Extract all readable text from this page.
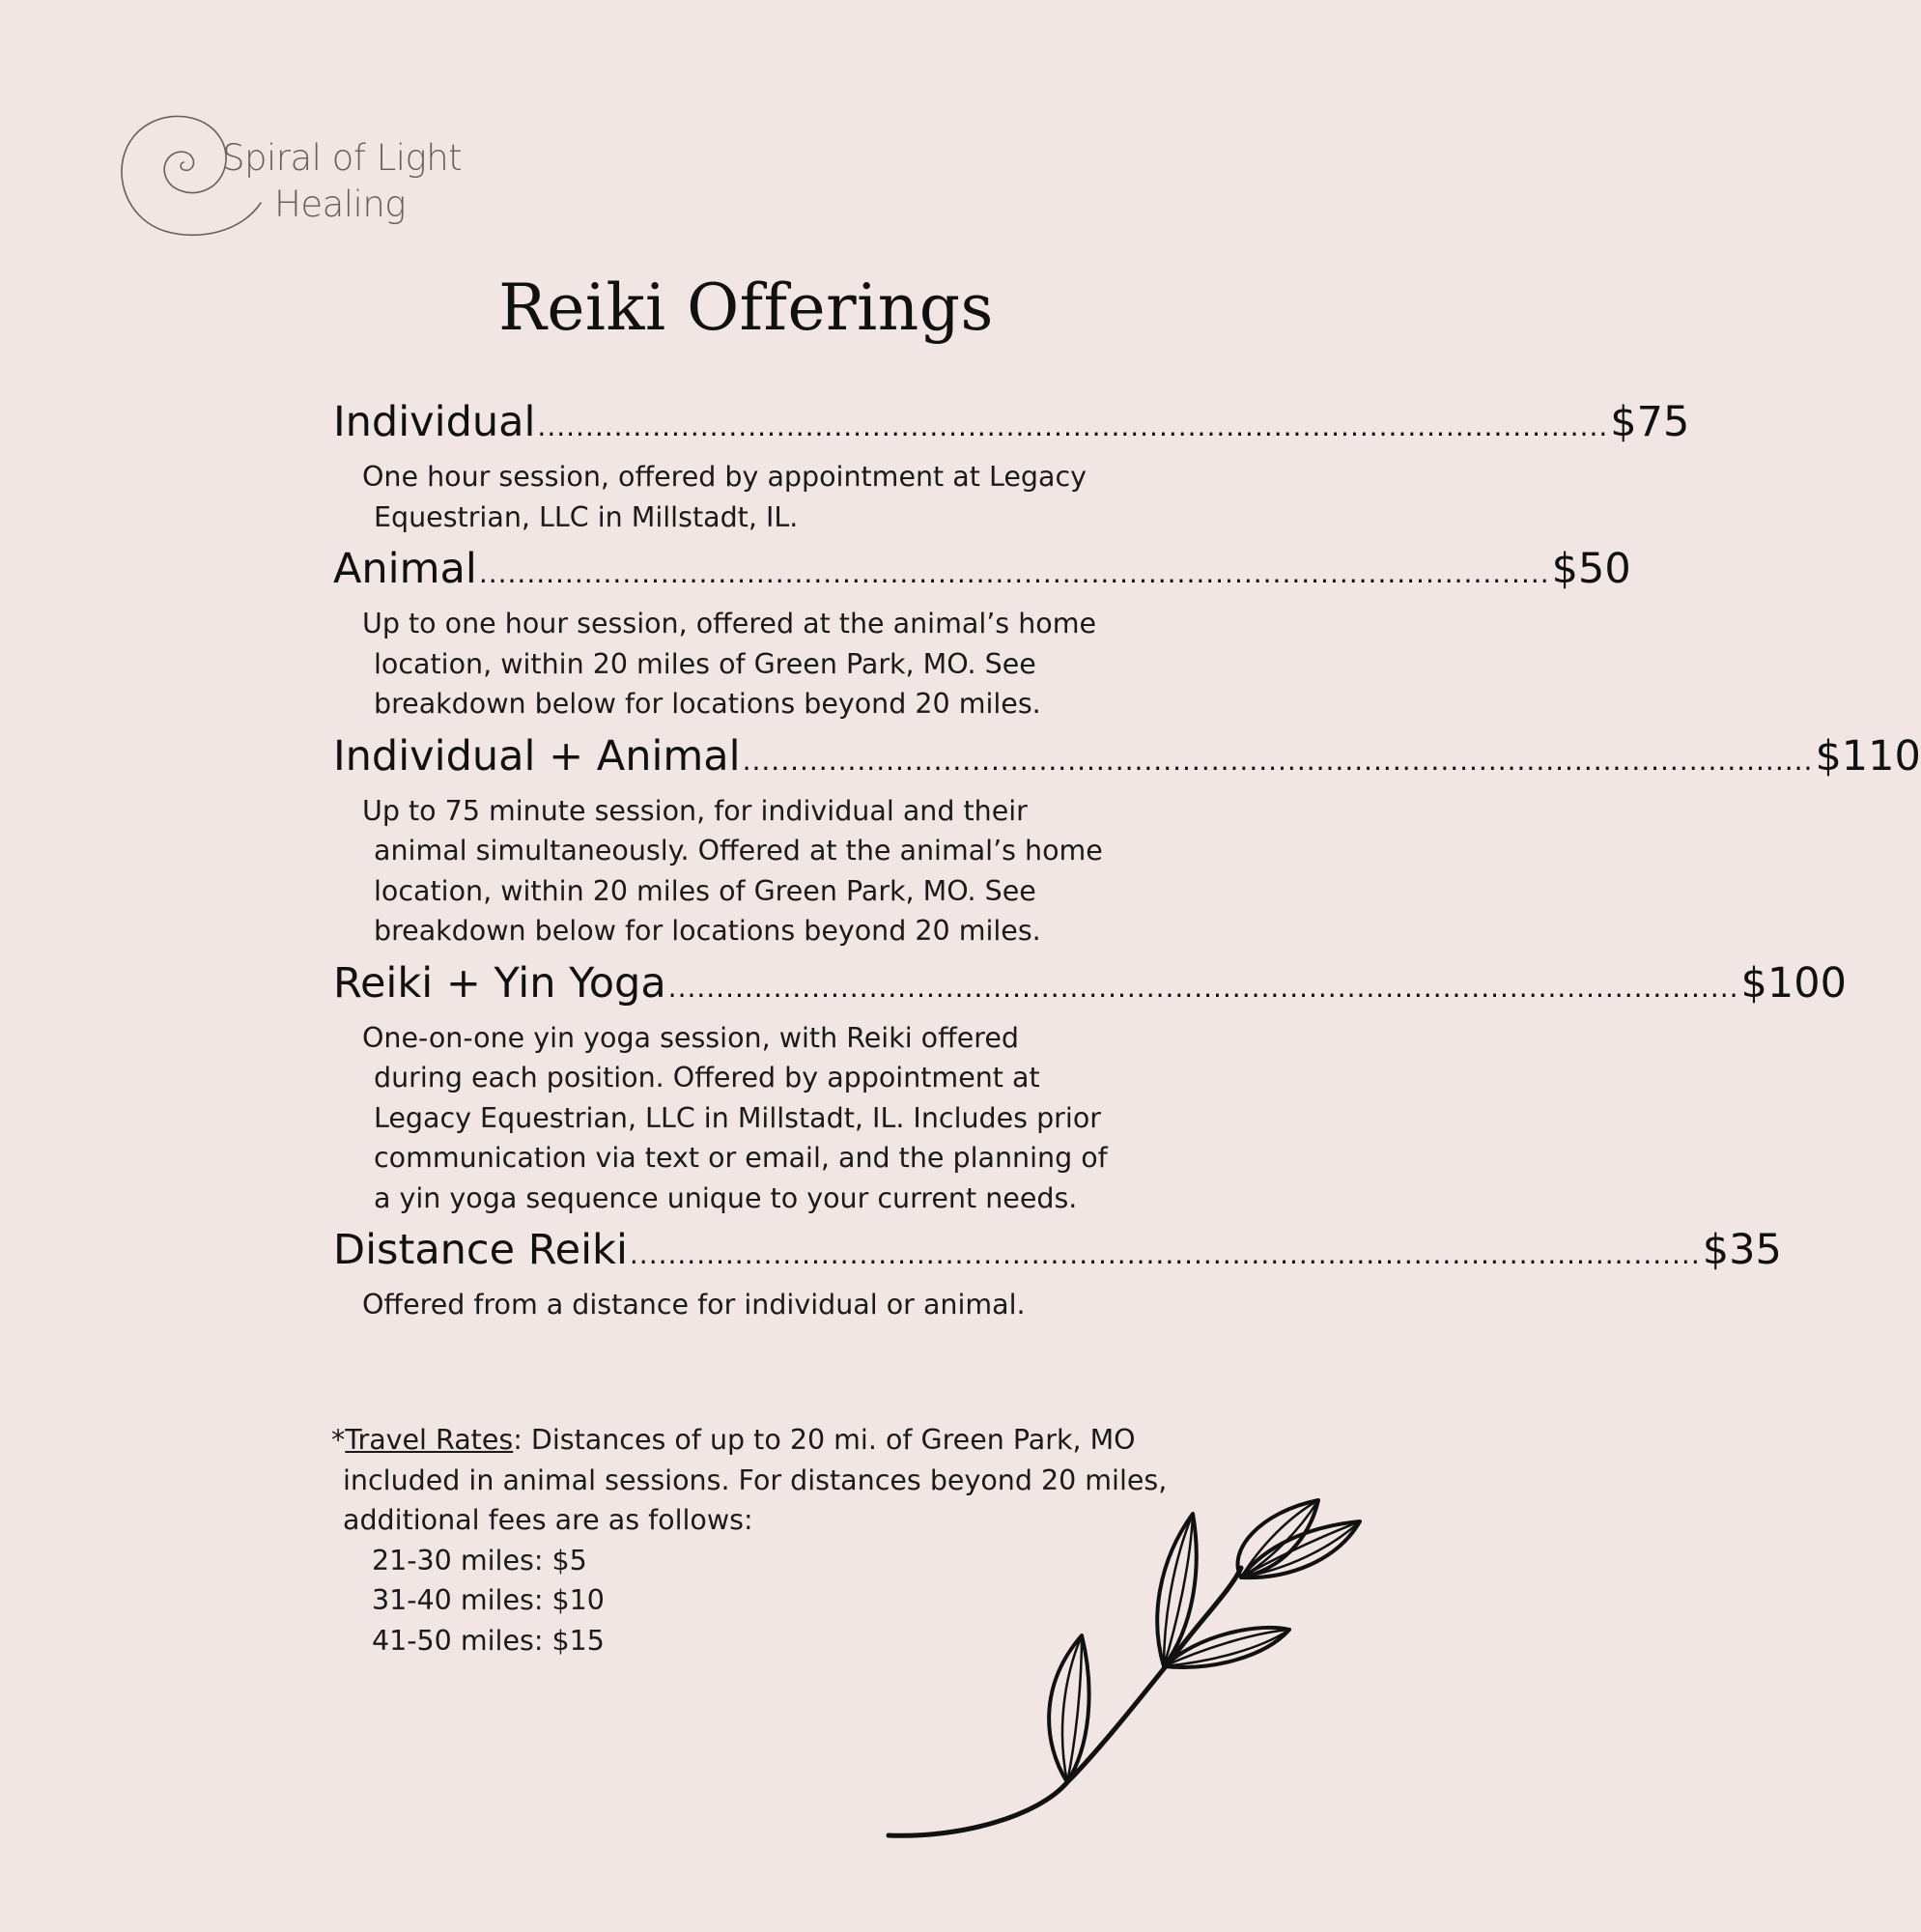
Spiral of Light
Healing
Reiki Offerings
Individual ................................................................................................................ $75
One hour session, offered by appointment at Legacy Equestrian, LLC in Millstadt, IL.
Animal ................................................................................................................ $50
Up to one hour session, offered at the animal’s home location, within 20 miles of Green Park, MO. See breakdown below for locations beyond 20 miles.
Individual + Animal ................................................................................................................ $110
Up to 75 minute session, for individual and their animal simultaneously. Offered at the animal’s home location, within 20 miles of Green Park, MO. See breakdown below for locations beyond 20 miles.
Reiki + Yin Yoga ................................................................................................................ $100
One-on-one yin yoga session, with Reiki offered during each position. Offered by appointment at Legacy Equestrian, LLC in Millstadt, IL. Includes prior communication via text or email, and the planning of a yin yoga sequence unique to your current needs.
Distance Reiki ................................................................................................................ $35
Offered from a distance for individual or animal.
*Travel Rates: Distances of up to 20 mi. of Green Park, MO included in animal sessions. For distances beyond 20 miles, additional fees are as follows:
21-30 miles: $5
31-40 miles: $10
41-50 miles: $15
